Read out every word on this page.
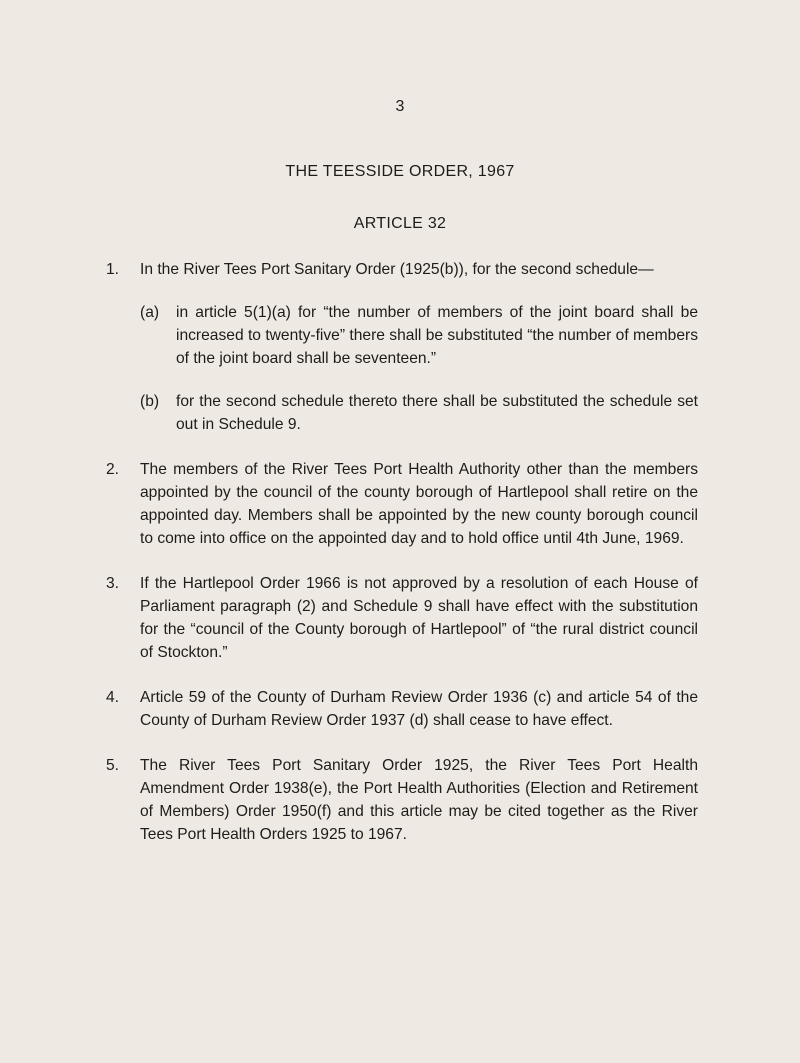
3
THE TEESSIDE ORDER, 1967
ARTICLE 32
1. In the River Tees Port Sanitary Order (1925(b)), for the second schedule—

(a) in article 5(1)(a) for “the number of members of the joint board shall be increased to twenty-five” there shall be substituted “the number of members of the joint board shall be seventeen.”
(b) for the second schedule thereto there shall be substituted the schedule set out in Schedule 9.
2. The members of the River Tees Port Health Authority other than the members appointed by the council of the county borough of Hartlepool shall retire on the appointed day. Members shall be appointed by the new county borough council to come into office on the appointed day and to hold office until 4th June, 1969.
3. If the Hartlepool Order 1966 is not approved by a resolution of each House of Parliament paragraph (2) and Schedule 9 shall have effect with the substitution for the “council of the County borough of Hartlepool” of “the rural district council of Stockton.”
4. Article 59 of the County of Durham Review Order 1936 (c) and article 54 of the County of Durham Review Order 1937 (d) shall cease to have effect.
5. The River Tees Port Sanitary Order 1925, the River Tees Port Health Amendment Order 1938(e), the Port Health Authorities (Election and Retirement of Members) Order 1950(f) and this article may be cited together as the River Tees Port Health Orders 1925 to 1967.
